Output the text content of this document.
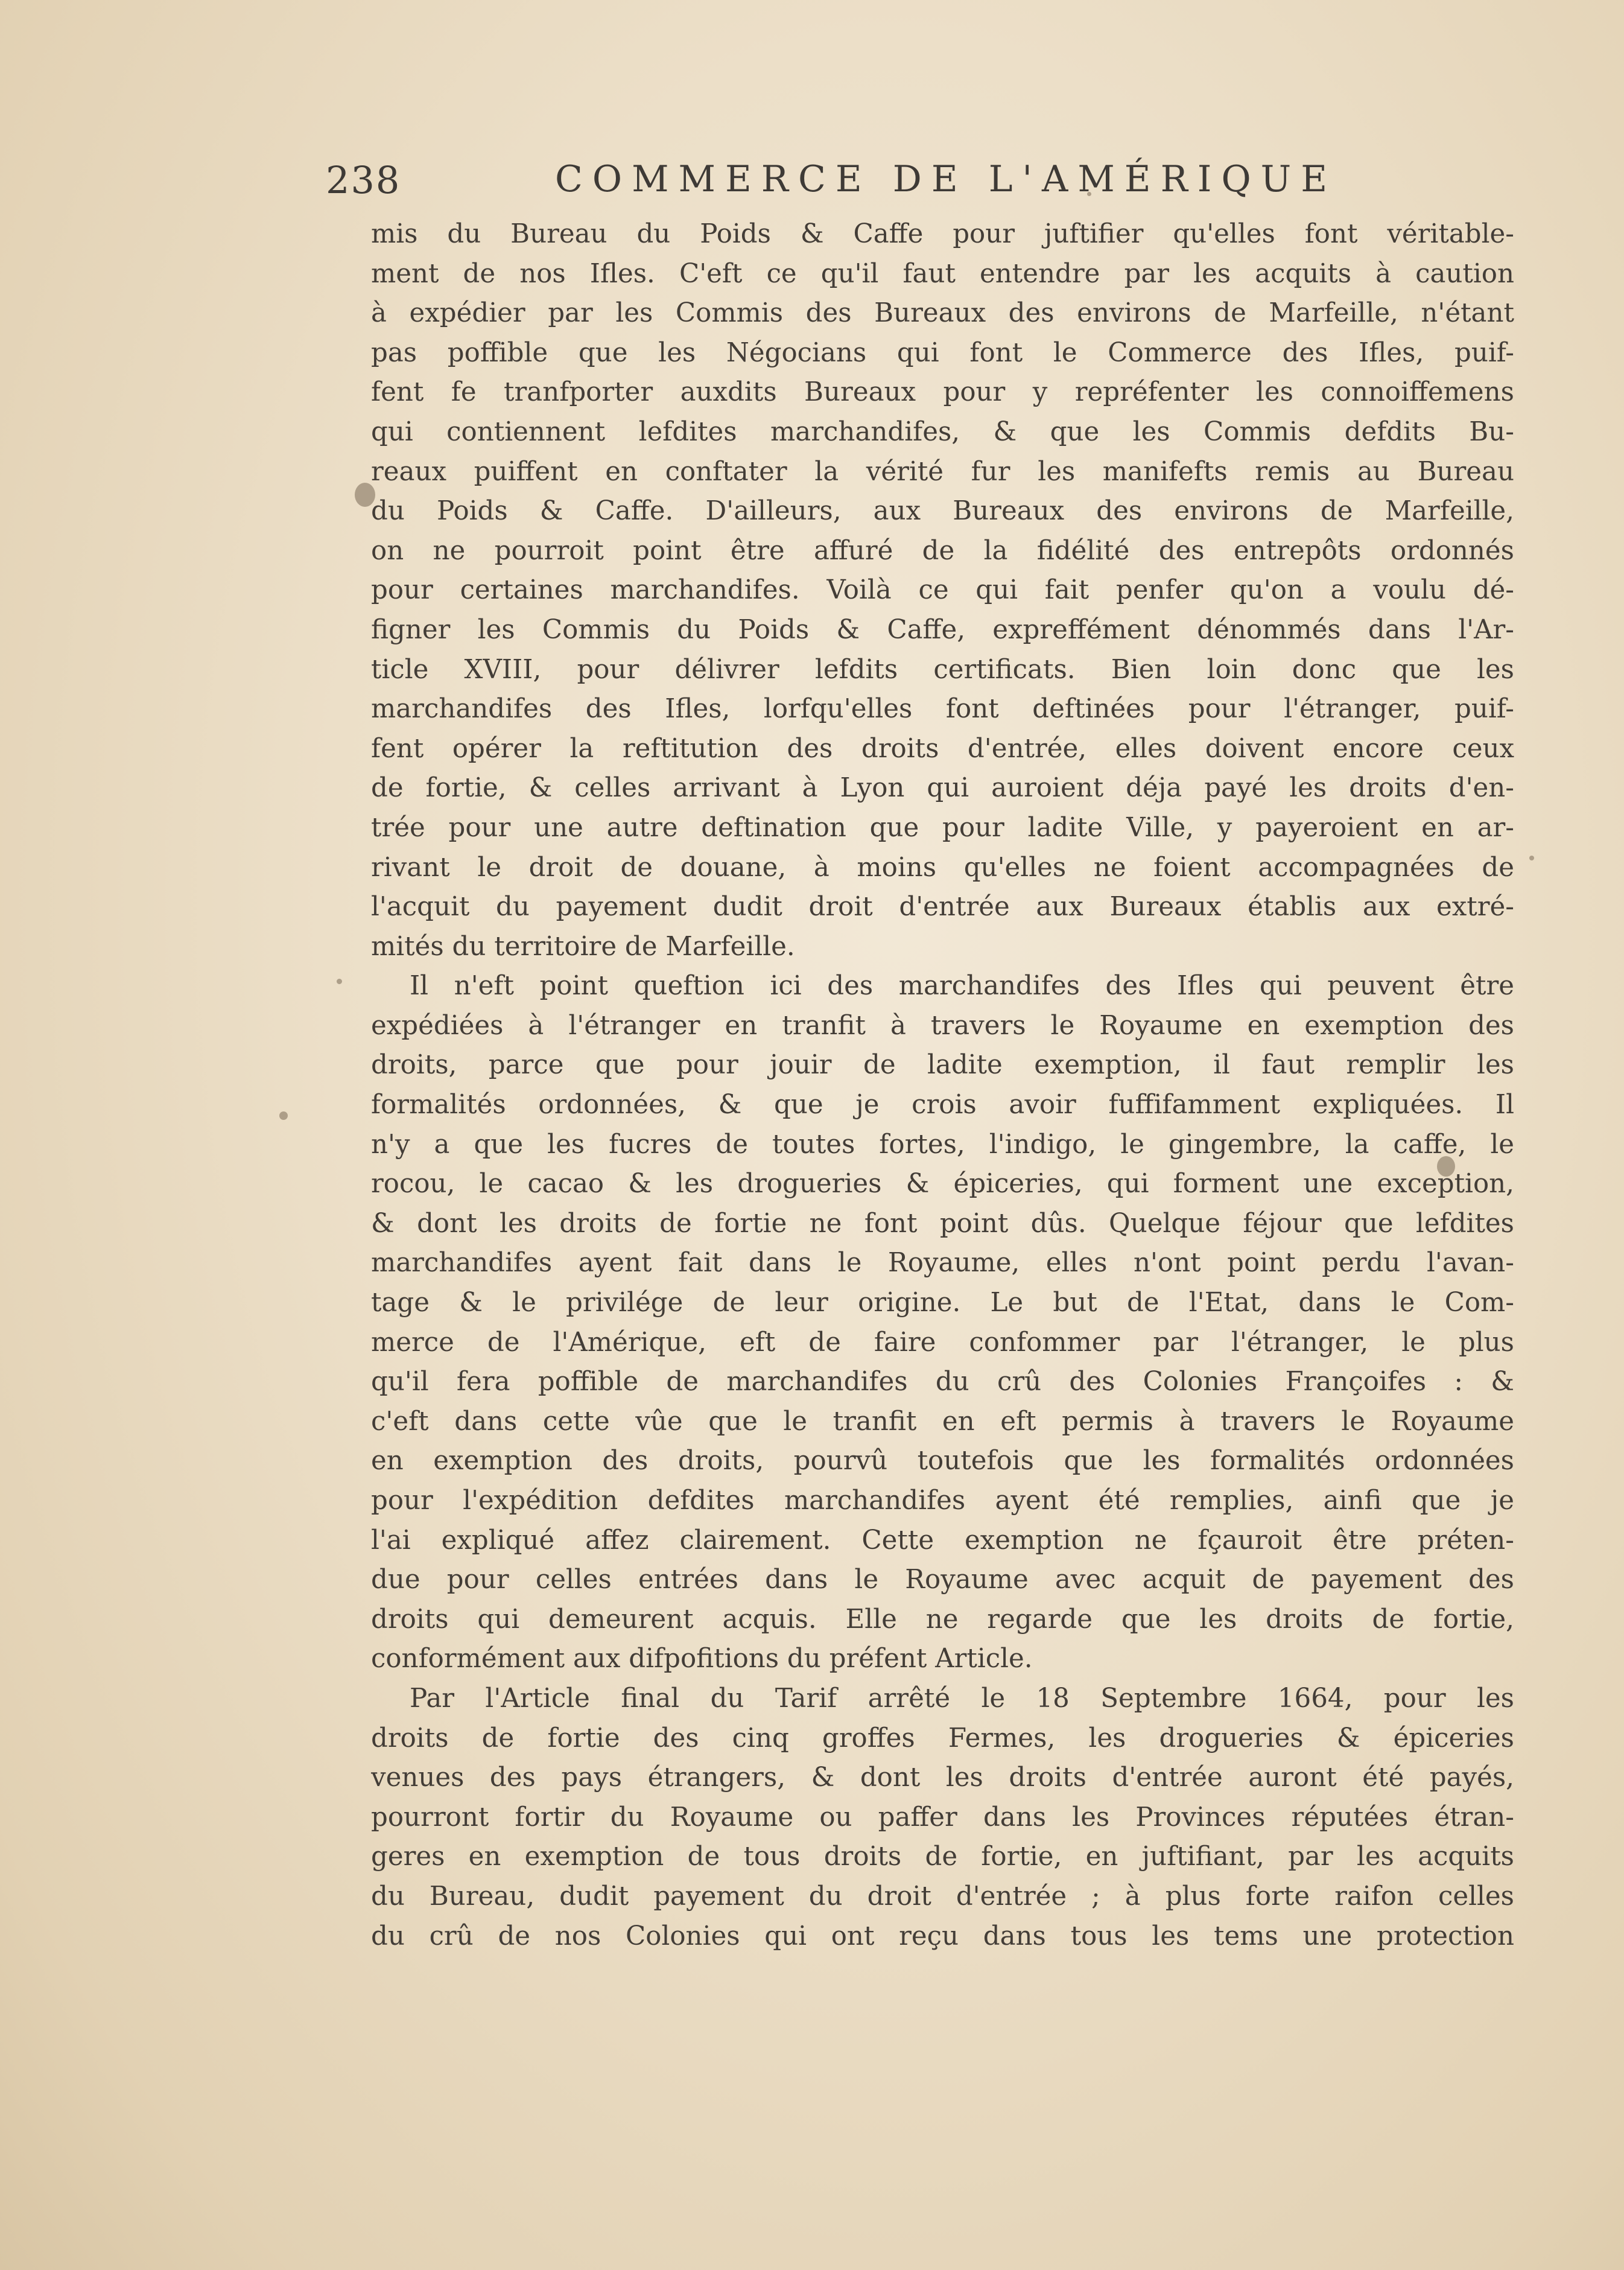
238	COMMERCE DE L'AMÉRIQUE
mis du Bureau du Poids & Caffe pour juftifier qu'elles font véritable-
ment de nos Ifles. C'eft ce qu'il faut entendre par les acquits à caution
à expédier par les Commis des Bureaux des environs de Marfeille, n'étant
pas poffible que les Négocians qui font le Commerce des Ifles, puif-
fent fe tranfporter auxdits Bureaux pour y repréfenter les connoiffemens
qui contiennent lefdites marchandifes, & que les Commis defdits Bu-
reaux puiffent en conftater la vérité fur les manifefts remis au Bureau
du Poids & Caffe. D'ailleurs, aux Bureaux des environs de Marfeille,
on ne pourroit point être affuré de la fidélité des entrepôts ordonnés
pour certaines marchandifes. Voilà ce qui fait penfer qu'on a voulu dé-
figner les Commis du Poids & Caffe, expreffément dénommés dans l'Ar-
ticle XVIII, pour délivrer lefdits certificats. Bien loin donc que les
marchandifes des Ifles, lorfqu'elles font deftinées pour l'étranger, puif-
fent opérer la reftitution des droits d'entrée, elles doivent encore ceux
de fortie, & celles arrivant à Lyon qui auroient déja payé les droits d'en-
trée pour une autre deftination que pour ladite Ville, y payeroient en ar-
rivant le droit de douane, à moins qu'elles ne foient accompagnées de
l'acquit du payement dudit droit d'entrée aux Bureaux établis aux extré-
mités du territoire de Marfeille.
Il n'eft point queftion ici des marchandifes des Ifles qui peuvent être
expédiées à l'étranger en tranfit à travers le Royaume en exemption des
droits, parce que pour jouir de ladite exemption, il faut remplir les
formalités ordonnées, & que je crois avoir fuffifamment expliquées. Il
n'y a que les fucres de toutes fortes, l'indigo, le gingembre, la caffe, le
rocou, le cacao & les drogueries & épiceries, qui forment une exception,
& dont les droits de fortie ne font point dûs. Quelque féjour que lefdites
marchandifes ayent fait dans le Royaume, elles n'ont point perdu l'avan-
tage & le privilége de leur origine. Le but de l'Etat, dans le Com-
merce de l'Amérique, eft de faire confommer par l'étranger, le plus
qu'il fera poffible de marchandifes du crû des Colonies Françoifes : &
c'eft dans cette vûe que le tranfit en eft permis à travers le Royaume
en exemption des droits, pourvû toutefois que les formalités ordonnées
pour l'expédition defdites marchandifes ayent été remplies, ainfi que je
l'ai expliqué affez clairement. Cette exemption ne fçauroit être préten-
due pour celles entrées dans le Royaume avec acquit de payement des
droits qui demeurent acquis. Elle ne regarde que les droits de fortie,
conformément aux difpofitions du préfent Article.
Par l'Article final du Tarif arrêté le 18 Septembre 1664, pour les
droits de fortie des cinq groffes Fermes, les drogueries & épiceries
venues des pays étrangers, & dont les droits d'entrée auront été payés,
pourront fortir du Royaume ou paffer dans les Provinces réputées étran-
geres en exemption de tous droits de fortie, en juftifiant, par les acquits
du Bureau, dudit payement du droit d'entrée ; à plus forte raifon celles
du crû de nos Colonies qui ont reçu dans tous les tems une protection
